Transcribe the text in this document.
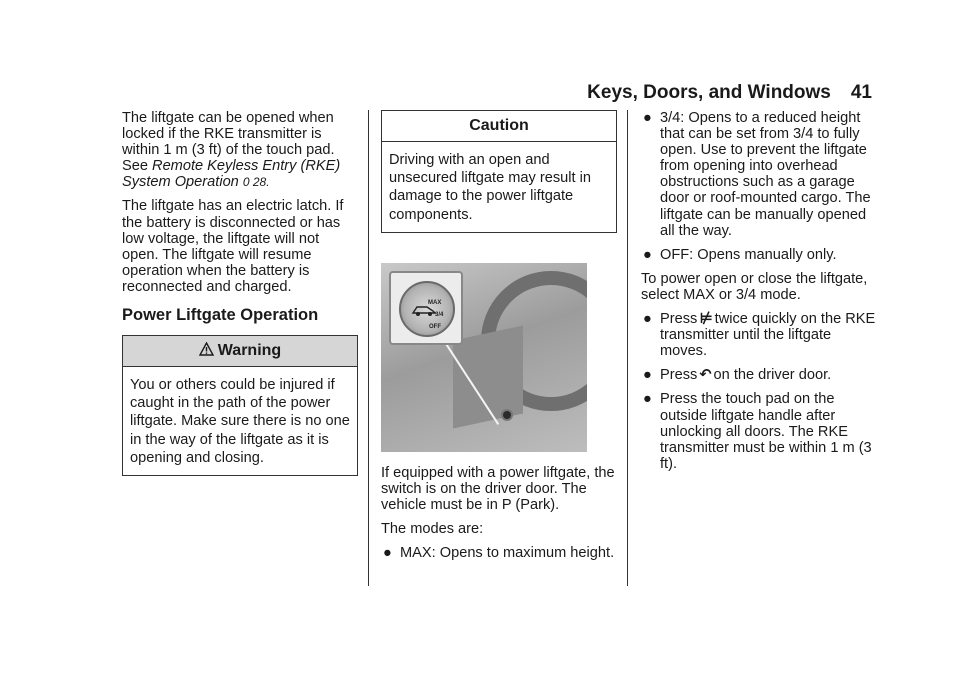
Keys, Doors, and Windows 41

The liftgate can be opened when locked if the RKE transmitter is within 1 m (3 ft) of the touch pad. See Remote Keyless Entry (RKE) System Operation 0 28.

The liftgate has an electric latch. If the battery is disconnected or has low voltage, the liftgate will not open. The liftgate will resume operation when the battery is reconnected and charged.

Power Liftgate Operation
Warning
You or others could be injured if caught in the path of the power liftgate. Make sure there is no one in the way of the liftgate as it is opening and closing.
Caution
Driving with an open and unsecured liftgate may result in damage to the power liftgate components.
MAX
3/4
OFF

If equipped with a power liftgate, the switch is on the driver door. The vehicle must be in P (Park).

The modes are:

● MAX: Opens to maximum height.
● 3/4: Opens to a reduced height that can be set from 3/4 to fully open. Use to prevent the liftgate from opening into overhead obstructions such as a garage door or roof-mounted cargo. The liftgate can be manually opened all the way.
● OFF: Opens manually only.

To power open or close the liftgate, select MAX or 3/4 mode.

● Press ⊭ twice quickly on the RKE transmitter until the liftgate moves.
● Press ↶ on the driver door.
● Press the touch pad on the outside liftgate handle after unlocking all doors. The RKE transmitter must be within 1 m (3 ft).
